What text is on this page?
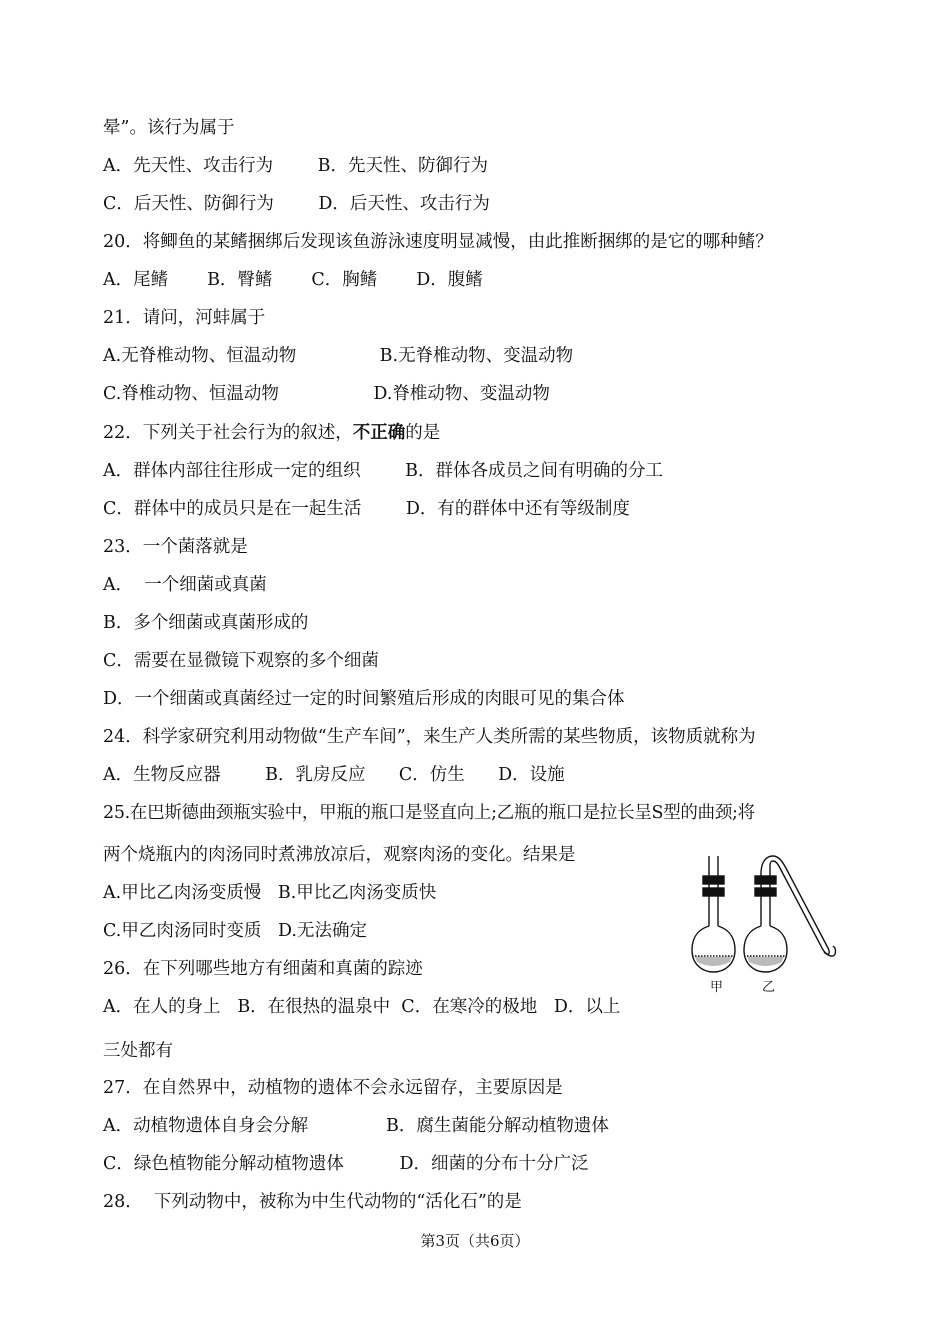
晕”。该行为属于
A．先天性、攻击行为        B．先天性、防御行为
C．后天性、防御行为        D．后天性、攻击行为
20．将鲫鱼的某鳍捆绑后发现该鱼游泳速度明显减慢，由此推断捆绑的是它的哪种鳍？
A．尾鳍       B．臀鳍       C．胸鳍       D．腹鳍
21．请问，河蚌属于
A.无脊椎动物、恒温动物               B.无脊椎动物、变温动物
C.脊椎动物、恒温动物                 D.脊椎动物、变温动物
22．下列关于社会行为的叙述，不正确的是
A．群体内部往往形成一定的组织        B．群体各成员之间有明确的分工
C．群体中的成员只是在一起生活        D．有的群体中还有等级制度
23．一个菌落就是
A．  一个细菌或真菌
B．多个细菌或真菌形成的
C．需要在显微镜下观察的多个细菌
D．一个细菌或真菌经过一定的时间繁殖后形成的肉眼可见的集合体
24．科学家研究利用动物做“生产车间”，来生产人类所需的某些物质，该物质就称为
A．生物反应器        B．乳房反应      C．仿生      D．设施
25.在巴斯德曲颈瓶实验中，甲瓶的瓶口是竖直向上;乙瓶的瓶口是拉长呈S型的曲颈;将
两个烧瓶内的肉汤同时煮沸放凉后，观察肉汤的变化。结果是
A.甲比乙肉汤变质慢   B.甲比乙肉汤变质快
C.甲乙肉汤同时变质   D.无法确定
26．在下列哪些地方有细菌和真菌的踪迹
A．在人的身上   B．在很热的温泉中  C．在寒冷的极地   D．以上
三处都有
27．在自然界中，动植物的遗体不会永远留存，主要原因是
A．动植物遗体自身会分解              B．腐生菌能分解动植物遗体
C．绿色植物能分解动植物遗体          D．细菌的分布十分广泛
28．  下列动物中，被称为中生代动物的“活化石”的是
甲	乙
第3页（共6页）
